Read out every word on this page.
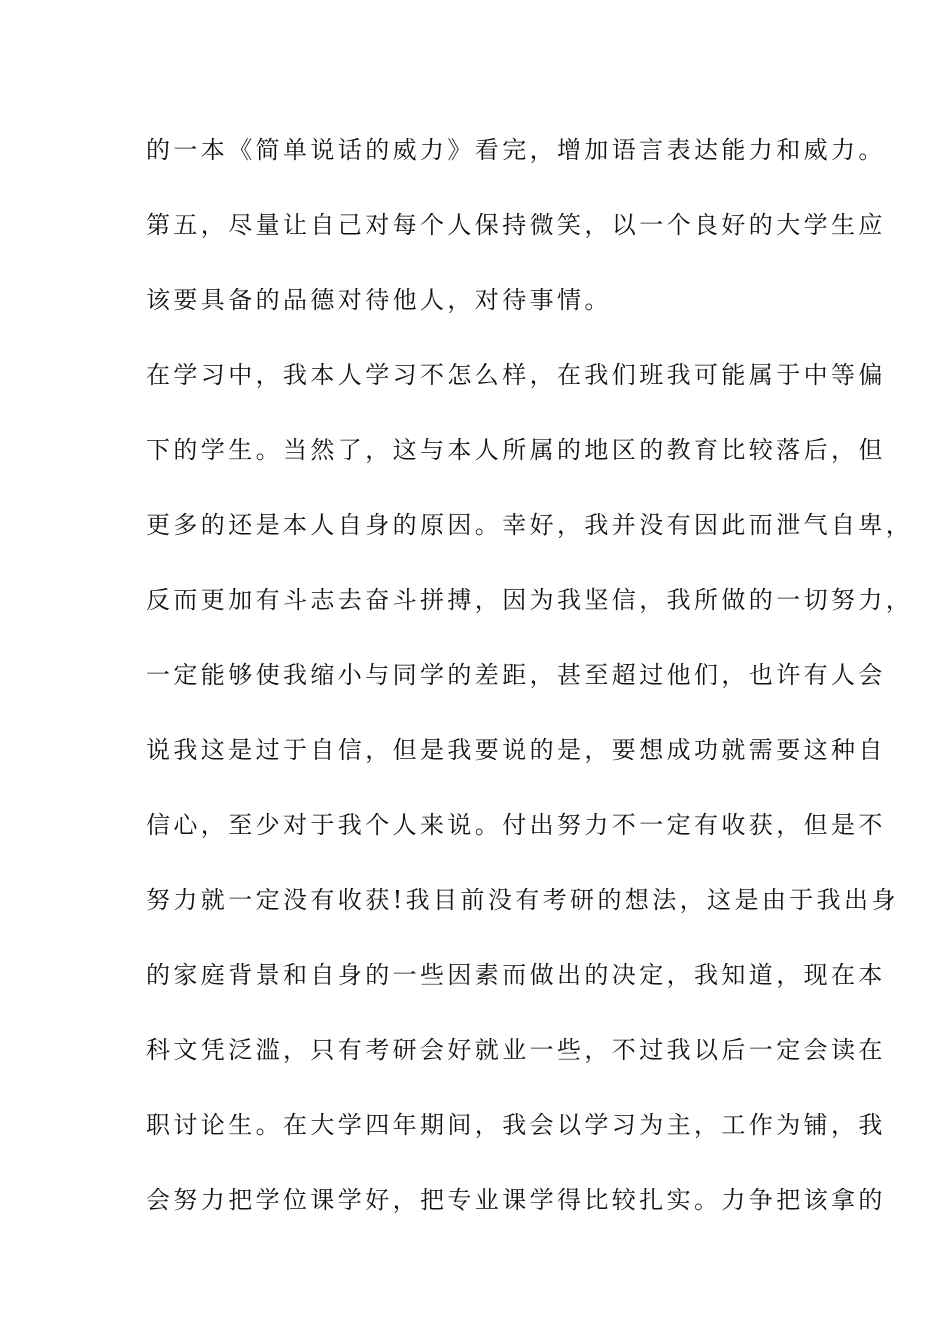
的一本《简单说话的威力》看完，增加语言表达能力和威力。
第五，尽量让自己对每个人保持微笑，以一个良好的大学生应
该要具备的品德对待他人，对待事情。
在学习中，我本人学习不怎么样，在我们班我可能属于中等偏
下的学生。当然了，这与本人所属的地区的教育比较落后，但
更多的还是本人自身的原因。幸好，我并没有因此而泄气自卑，
反而更加有斗志去奋斗拼搏，因为我坚信，我所做的一切努力，
一定能够使我缩小与同学的差距，甚至超过他们，也许有人会
说我这是过于自信，但是我要说的是，要想成功就需要这种自
信心，至少对于我个人来说。付出努力不一定有收获，但是不
努力就一定没有收获!我目前没有考研的想法，这是由于我出身
的家庭背景和自身的一些因素而做出的决定，我知道，现在本
科文凭泛滥，只有考研会好就业一些，不过我以后一定会读在
职讨论生。在大学四年期间，我会以学习为主，工作为铺，我
会努力把学位课学好，把专业课学得比较扎实。力争把该拿的
